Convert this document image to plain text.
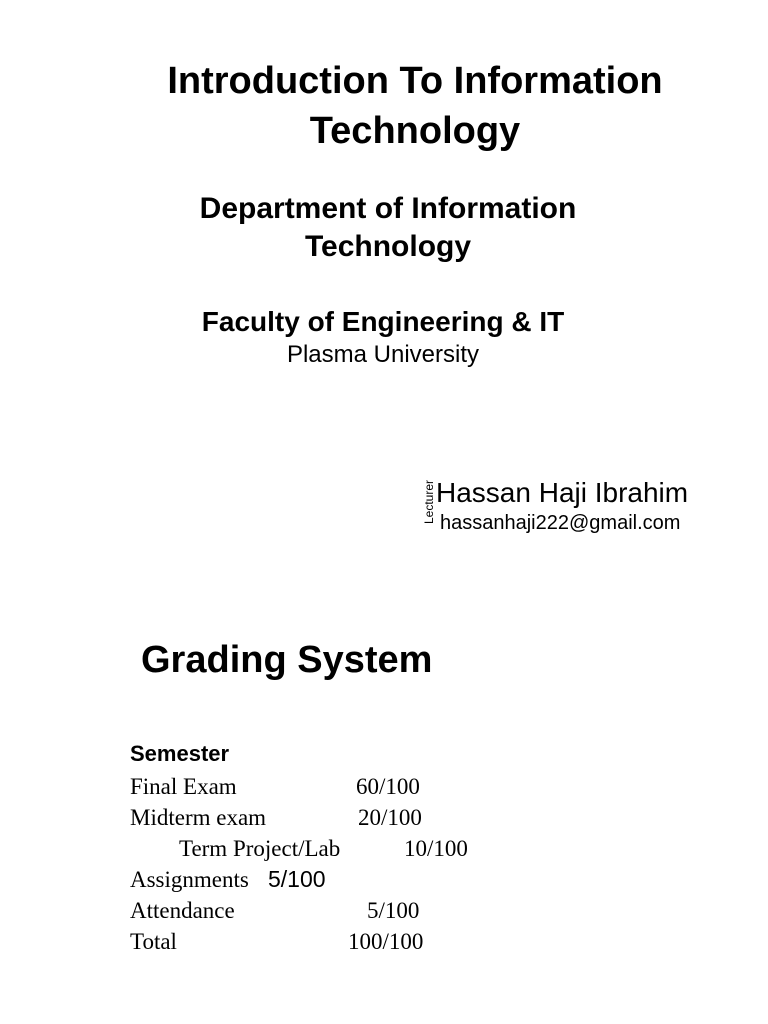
Introduction To Information Technology
Department of Information Technology
Faculty of Engineering & IT
Plasma University
Lecturer Hassan Haji Ibrahim
hassanhaji222@gmail.com
Grading System
Semester
Final Exam	60/100
Midterm exam	20/100
Term Project/Lab	10/100
Assignments 5/100
Attendance	5/100
Total	100/100
